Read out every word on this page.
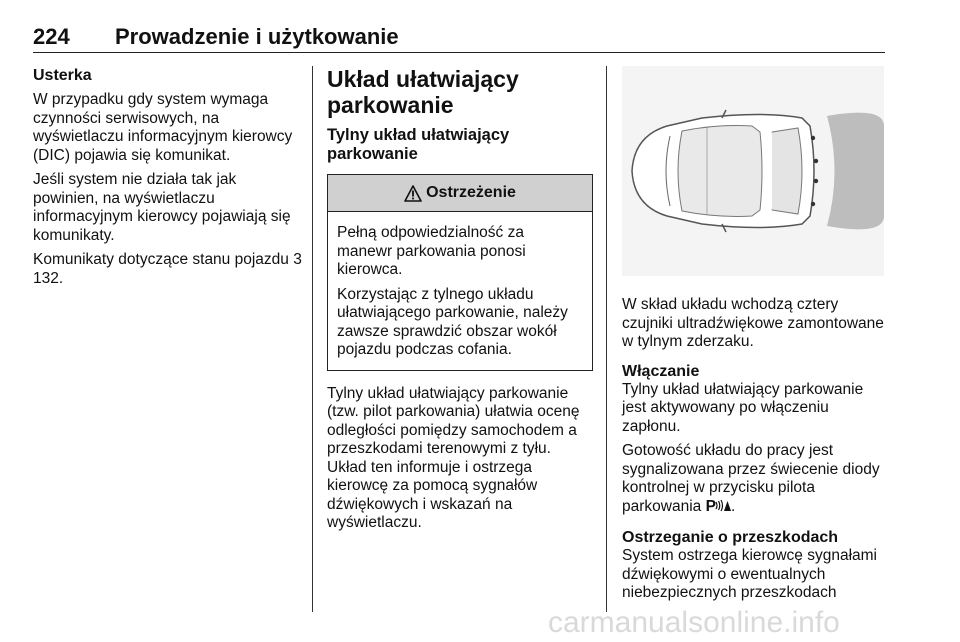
224 Prowadzenie i użytkowanie
Usterka

W przypadku gdy system wymaga czynności serwisowych, na wyświetlaczu informacyjnym kierowcy (DIC) pojawia się komunikat.

Jeśli system nie działa tak jak powinien, na wyświetlaczu informacyjnym kierowcy pojawiają się komunikaty.

Komunikaty dotyczące stanu pojazdu 3 132.

Układ ułatwiający parkowanie
Tylny układ ułatwiający parkowanie
Ostrzeżenie

Pełną odpowiedzialność za manewr parkowania ponosi kierowca.

Korzystając z tylnego układu ułatwiającego parkowanie, należy zawsze sprawdzić obszar wokół pojazdu podczas cofania.

Tylny układ ułatwiający parkowanie (tzw. pilot parkowania) ułatwia ocenę odległości pomiędzy samochodem a przeszkodami terenowymi z tyłu. Układ ten informuje i ostrzega kierowcę za pomocą sygnałów dźwiękowych i wskazań na wyświetlaczu.

W skład układu wchodzą cztery czujniki ultradźwiękowe zamontowane w tylnym zderzaku.

Włączanie

Tylny układ ułatwiający parkowanie jest aktywowany po włączeniu zapłonu.

Gotowość układu do pracy jest sygnalizowana przez świecenie diody kontrolnej w przycisku pilota parkowania P .

Ostrzeganie o przeszkodach

System ostrzega kierowcę sygnałami dźwiękowymi o ewentualnych niebezpiecznych przeszkodach

carmanualsonline.info
